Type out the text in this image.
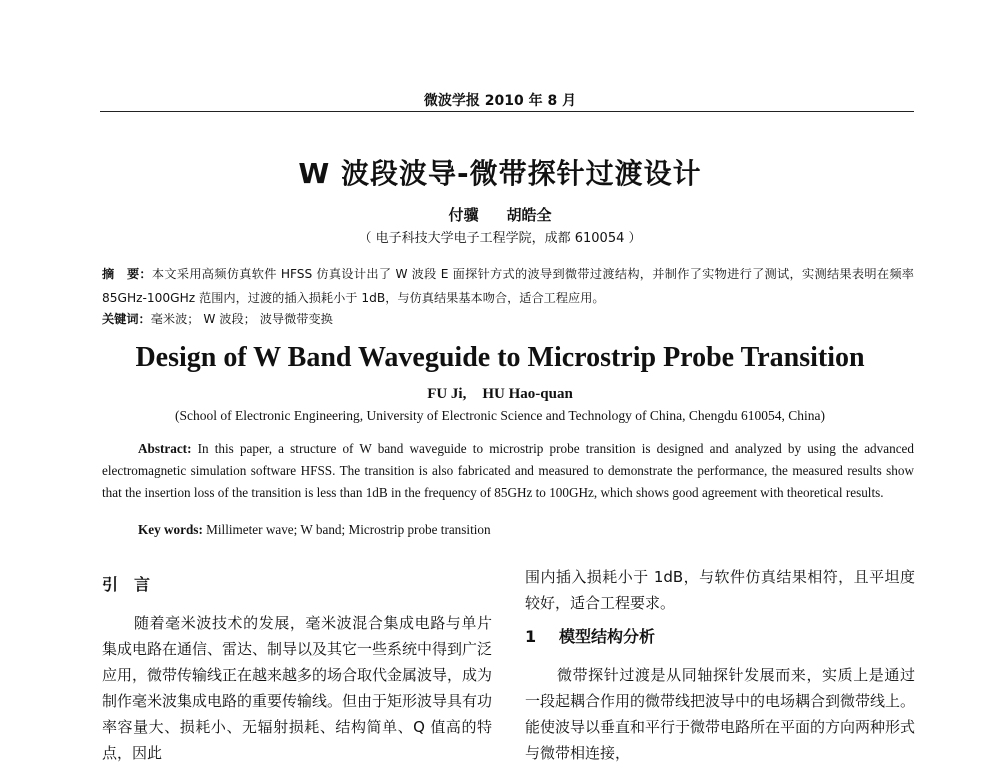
微波学报 2010 年 8 月
W 波段波导-微带探针过渡设计
付骥 胡皓全
（ 电子科技大学电子工程学院，成都 610054 ）
摘　要：本文采用高频仿真软件 HFSS 仿真设计出了 W 波段 E 面探针方式的波导到微带过渡结构，并制作了实物进行了测试，实测结果表明在频率 85GHz-100GHz 范围内，过渡的插入损耗小于 1dB，与仿真结果基本吻合，适合工程应用。
关键词：毫米波； W 波段； 波导微带变换
Design of W Band Waveguide to Microstrip Probe Transition
FU Ji, HU Hao-quan
(School of Electronic Engineering, University of Electronic Science and Technology of China, Chengdu 610054, China)
Abstract: In this paper, a structure of W band waveguide to microstrip probe transition is designed and analyzed by using the advanced electromagnetic simulation software HFSS. The transition is also fabricated and measured to demonstrate the performance, the measured results show that the insertion loss of the transition is less than 1dB in the frequency of 85GHz to 100GHz, which shows good agreement with theoretical results.
Key words: Millimeter wave; W band; Microstrip probe transition
引　言

随着毫米波技术的发展，毫米波混合集成电路与单片集成电路在通信、雷达、制导以及其它一些系统中得到广泛应用，微带传输线正在越来越多的场合取代金属波导，成为制作毫米波集成电路的重要传输线。但由于矩形波导具有功率容量大、损耗小、无辐射损耗、结构简单、Q 值高的特点，因此

围内插入损耗小于 1dB，与软件仿真结果相符，且平坦度较好，适合工程要求。

1 模型结构分析

微带探针过渡是从同轴探针发展而来，实质上是通过一段起耦合作用的微带线把波导中的电场耦合到微带线上。能使波导以垂直和平行于微带电路所在平面的方向两种形式与微带相连接，
